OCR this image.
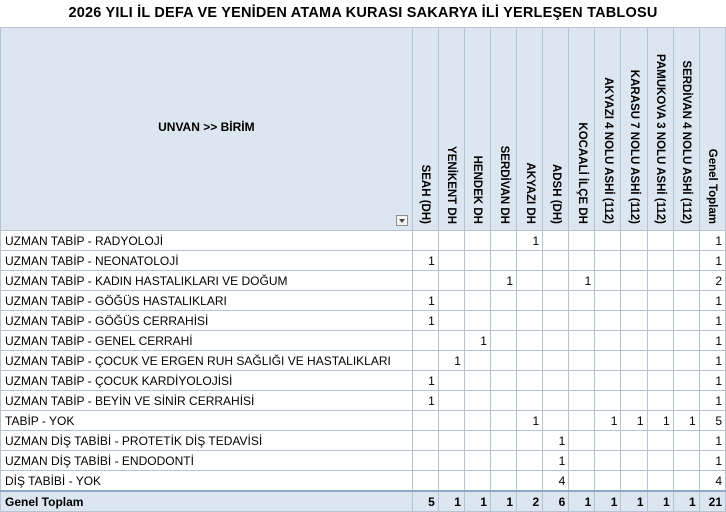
2026 YILI İL DEFA VE YENİDEN ATAMA KURASI SAKARYA İLİ YERLEŞEN TABLOSU
UNVAN >> BİRİM	SEAH (DH)	YENİKENT DH	HENDEK DH	SERDİVAN DH	AKYAZI DH	ADSH (DH)	KOCAALİ İLÇE DH	AKYAZI 4 NOLU ASHİ (112)	KARASU 7 NOLU ASHİ (112)	PAMUKOVA 3 NOLU ASHİ (112)	SERDİVAN 4 NOLU ASHİ (112)	Genel Toplam

UZMAN TABİP - RADYOLOJİ					1							1
UZMAN TABİP - NEONATOLOJİ	1											1
UZMAN TABİP - KADIN HASTALIKLARI VE DOĞUM				1			1					2
UZMAN TABİP - GÖĞÜS HASTALIKLARI	1											1
UZMAN TABİP - GÖĞÜS CERRAHİSİ	1											1
UZMAN TABİP - GENEL CERRAHİ			1									1
UZMAN TABİP - ÇOCUK VE ERGEN RUH SAĞLIĞI VE HASTALIKLARI		1										1
UZMAN TABİP - ÇOCUK KARDİYOLOJİSİ	1											1
UZMAN TABİP - BEYİN VE SİNİR CERRAHİSİ	1											1
TABİP - YOK					1			1	1	1	1	5
UZMAN DİŞ TABİBİ - PROTETİK DİŞ TEDAVİSİ						1						1
UZMAN DİŞ TABİBİ - ENDODONTİ						1						1
DİŞ TABİBİ - YOK						4						4
Genel Toplam	5	1	1	1	2	6	1	1	1	1	1	21
